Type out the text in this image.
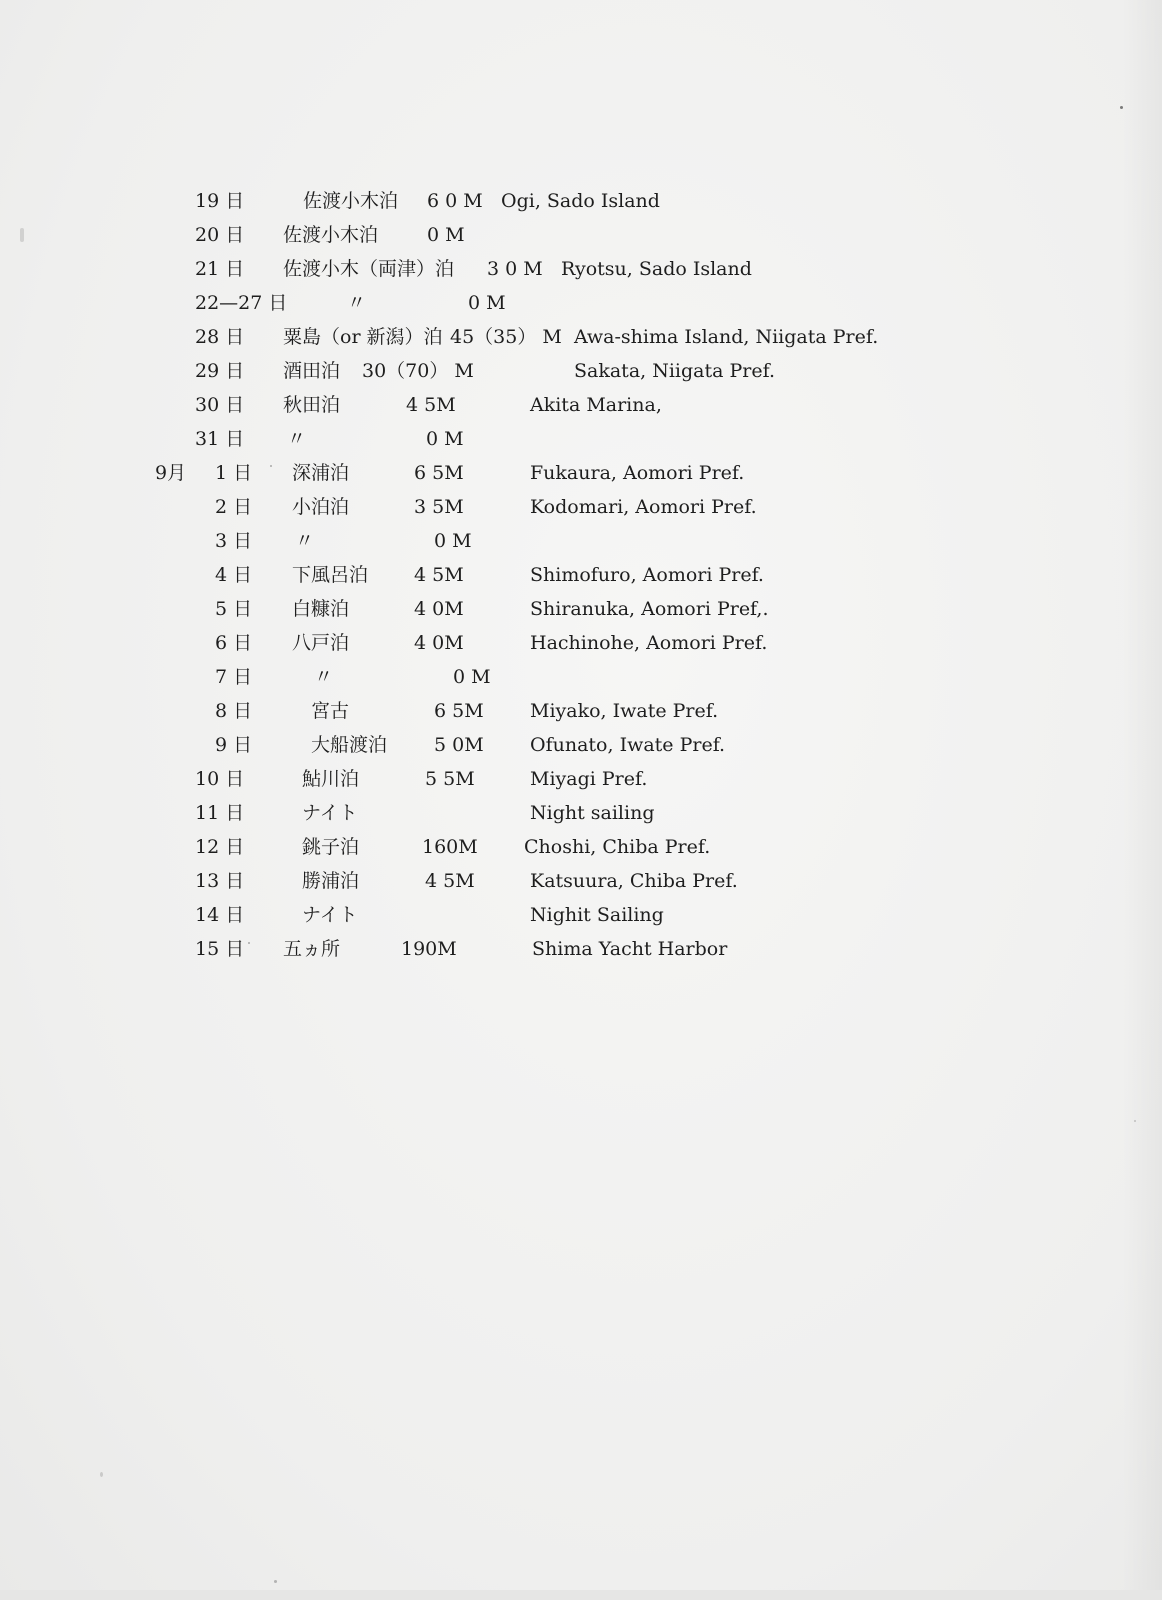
19 日	佐渡小木泊 6 0 M Ogi, Sado Island
20 日 佐渡小木泊	0 M
21 日 佐渡小木（両津）泊 3 0 M Ryotsu, Sado Island
22—27 日	〃	0 M
28 日 粟島（or 新潟）泊 45（35） M Awa-shima Island, Niigata Pref.
29 日 酒田泊 30（70） M	Sakata, Niigata Pref.
30 日 秋田泊	4 5M	Akita Marina,
31 日 〃	0 M
9月 1 日 深浦泊	6 5M	Fukaura, Aomori Pref.
2 日 小泊泊	3 5M	Kodomari, Aomori Pref.
3 日 〃	0 M
4 日 下風呂泊 4 5M	Shimofuro, Aomori Pref.
5 日 白糠泊	4 0M	Shiranuka, Aomori Pref,.
6 日 八戸泊	4 0M	Hachinohe, Aomori Pref.
7 日	〃	0 M
8 日	宮古	6 5M Miyako, Iwate Pref.
9 日	大船渡泊 5 0M Ofunato, Iwate Pref.
10 日	鮎川泊	5 5M	Miyagi Pref.
11 日	ナイト	Night sailing
12 日	銚子泊	160M Choshi, Chiba Pref.
13 日	勝浦泊	4 5M	Katsuura, Chiba Pref.
14 日	ナイト	Nighit Sailing
15 日 五ヵ所	190M	Shima Yacht Harbor
